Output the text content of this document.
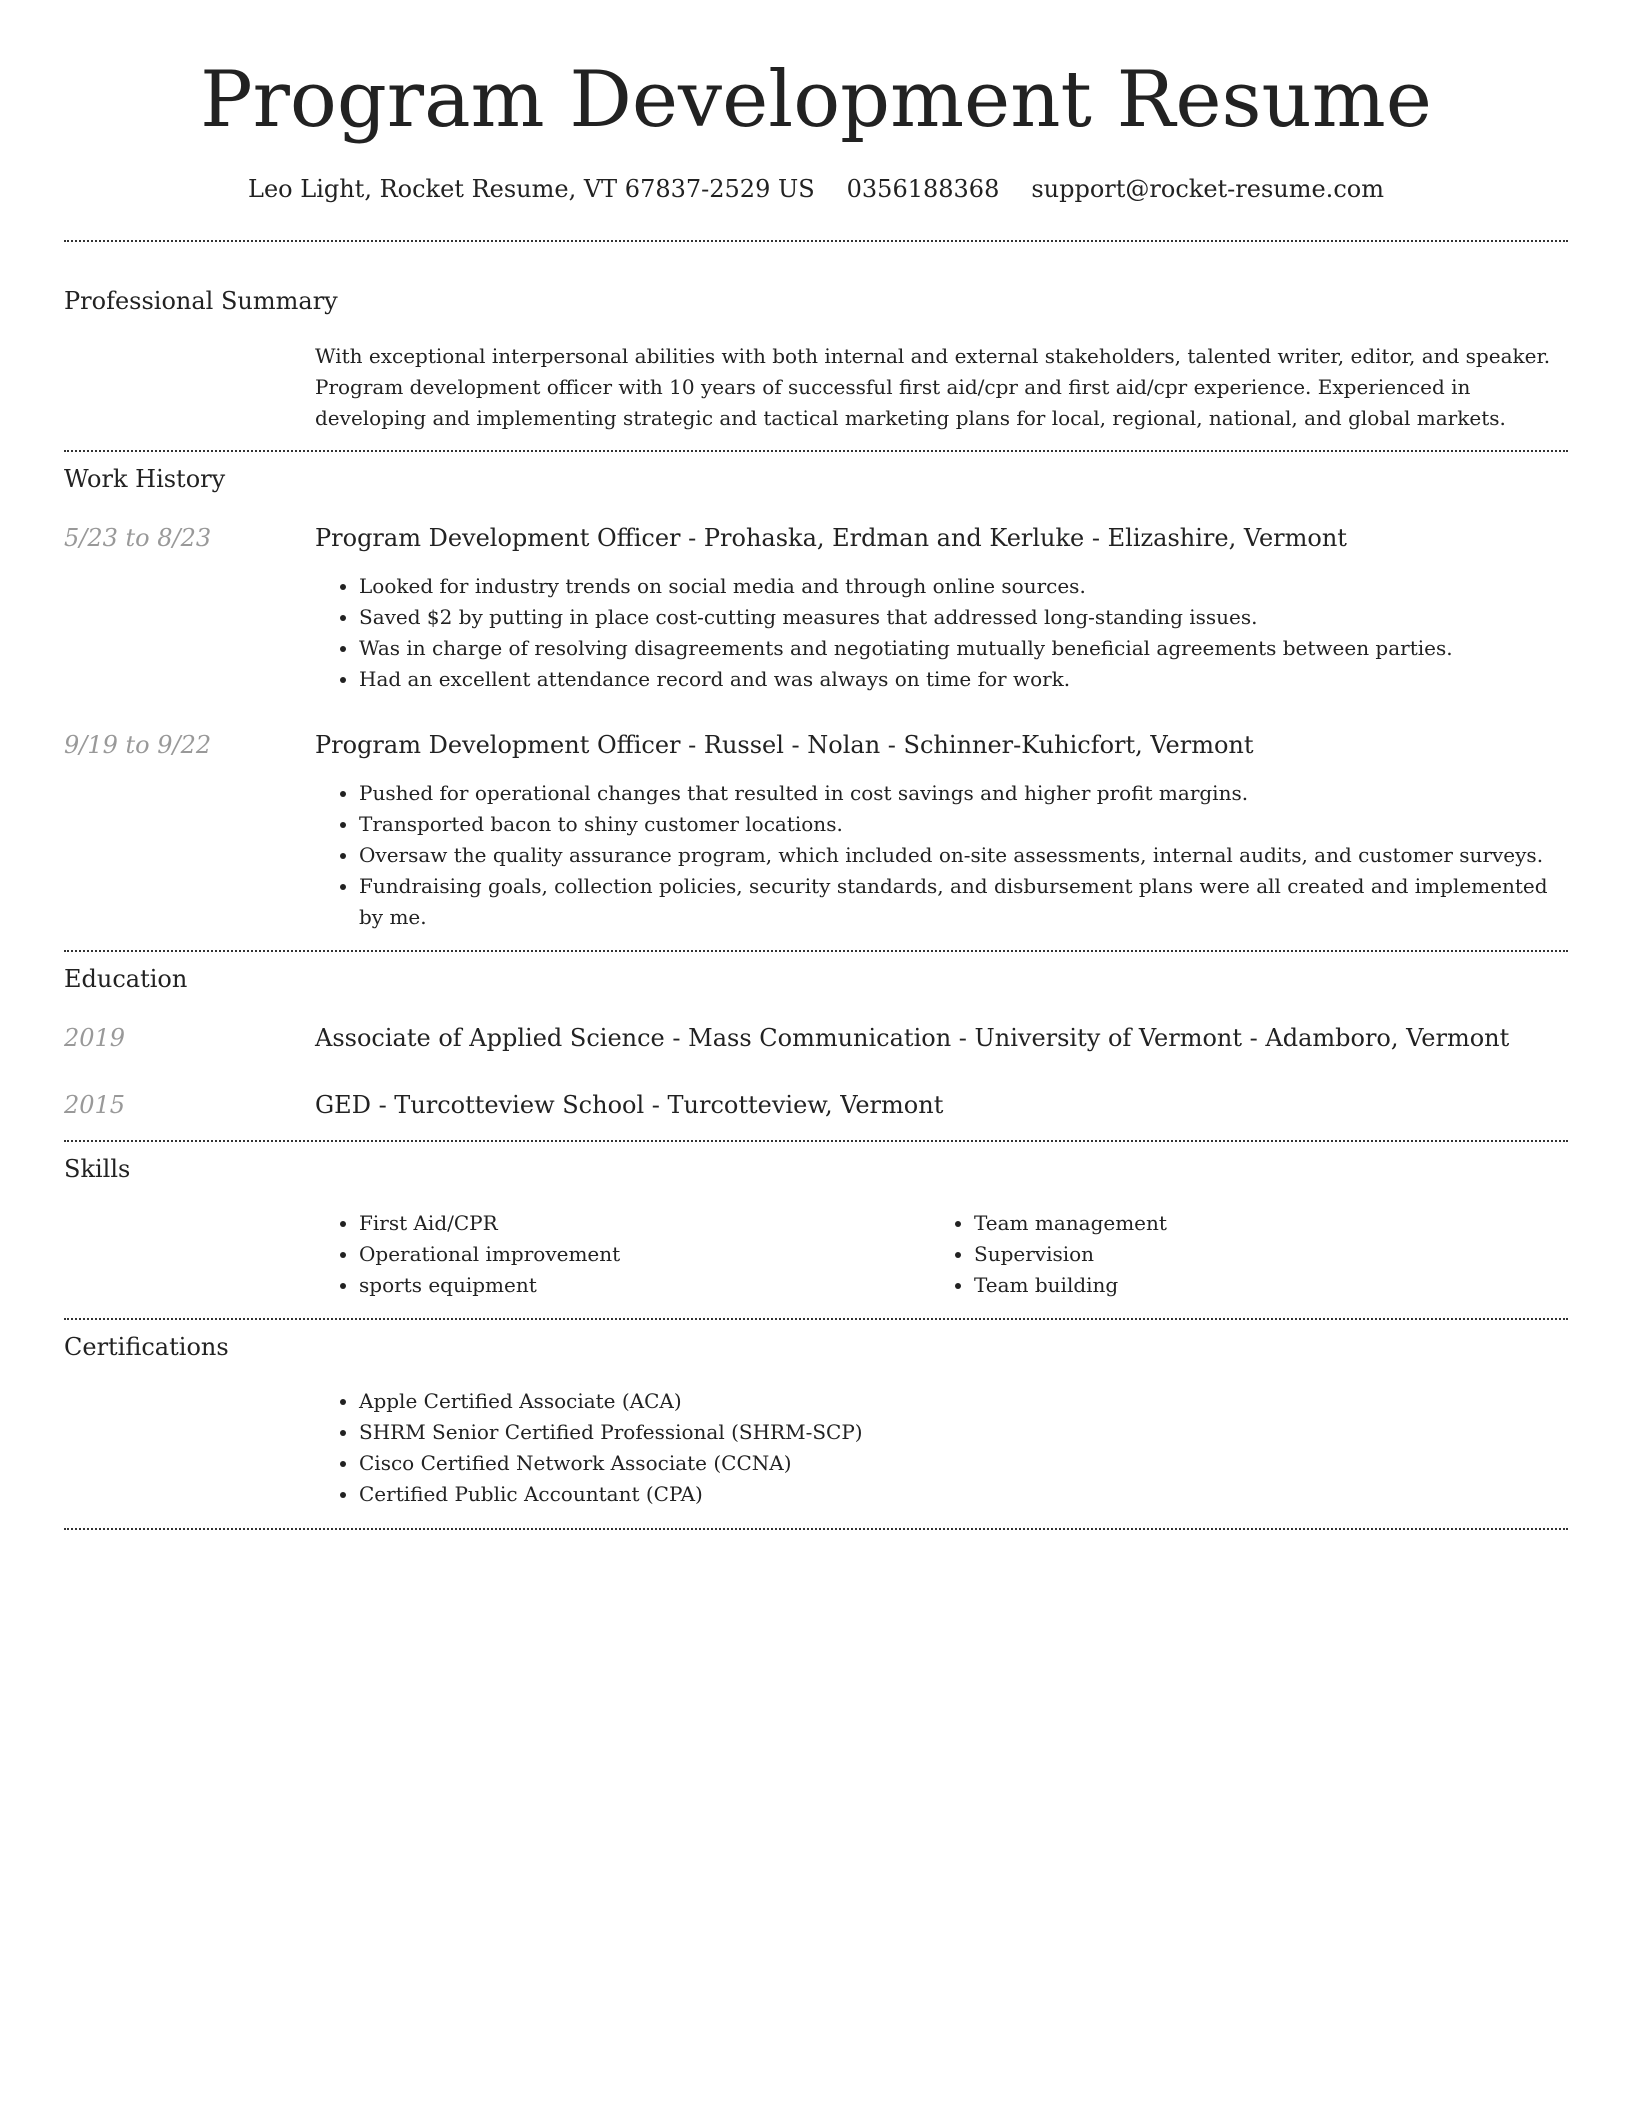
Program Development Resume
Leo Light, Rocket Resume, VT 67837-2529 US 0356188368 support@rocket-resume.com
Professional Summary
With exceptional interpersonal abilities with both internal and external stakeholders, talented writer, editor, and speaker. Program development officer with 10 years of successful first aid/cpr and first aid/cpr experience. Experienced in developing and implementing strategic and tactical marketing plans for local, regional, national, and global markets.
Work History
5/23 to 8/23	Program Development Officer - Prohaska, Erdman and Kerluke - Elizashire, Vermont
• Looked for industry trends on social media and through online sources.
• Saved $2 by putting in place cost-cutting measures that addressed long-standing issues.
• Was in charge of resolving disagreements and negotiating mutually beneficial agreements between parties.
• Had an excellent attendance record and was always on time for work.
9/19 to 9/22	Program Development Officer - Russel - Nolan - Schinner-Kuhicfort, Vermont
• Pushed for operational changes that resulted in cost savings and higher profit margins.
• Transported bacon to shiny customer locations.
• Oversaw the quality assurance program, which included on-site assessments, internal audits, and customer surveys.
• Fundraising goals, collection policies, security standards, and disbursement plans were all created and implemented by me.
Education
2019	Associate of Applied Science - Mass Communication - University of Vermont - Adamboro, Vermont
2015	GED - Turcotteview School - Turcotteview, Vermont
Skills
• First Aid/CPR
• Operational improvement
• sports equipment
• Team management
• Supervision
• Team building
Certifications
• Apple Certified Associate (ACA)
• SHRM Senior Certified Professional (SHRM-SCP)
• Cisco Certified Network Associate (CCNA)
• Certified Public Accountant (CPA)
